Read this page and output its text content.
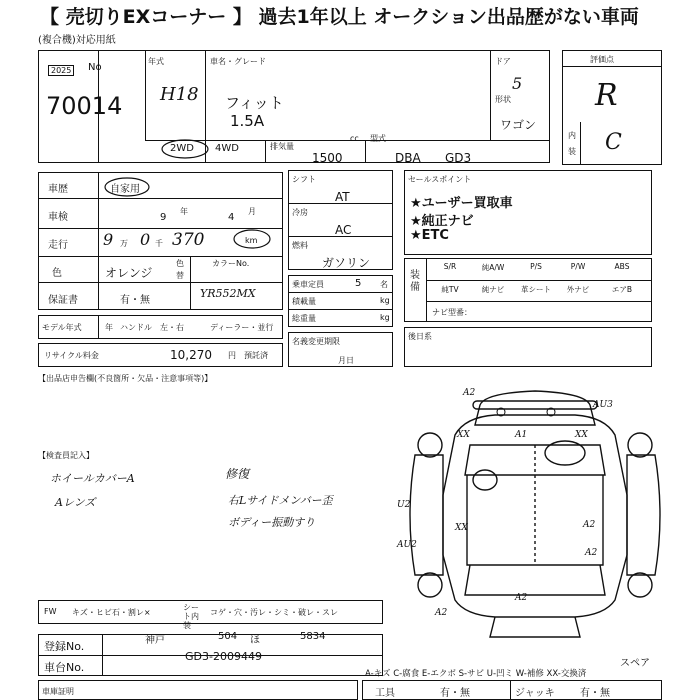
【 売切りEXコーナー 】 過去1年以上 オークション出品歴がない車両
(複合機)対応用紙
2025	No
70014
年式
H18
車名・グレード
フィット
1.5A
ドア
5
形状
ワゴン
2WD 4WD	排気量
cc
1500
型式
DBA GD3
評価点
R
内
装 C
車歴	自家用
車検	9
年
4
月
走行 9 万 0 千 370	km
色	オレンジ
色
替
カラーNo.
YR552MX
保証書	有・無
モデル年式	年 ハンドル 左・右	ディーラー・並行
リサイクル料金	10,270 円 預託済
シフト
AT
冷房
AC
燃料
ガソリン
乗車定員	5 名
積載量	kg
総重量	kg
名義変更期限
月日
セールスポイント
★ユーザー買取車
★純正ナビ
★ETC
装備
S/R	純A/W	P/S	P/W	ABS
純TV	純ナビ	革シート	外ナビ	エアB
ナビ型番：
後日系
【出品店申告欄(不良箇所・欠品・注意事項等)】
【検査員記入】
ホイールカバーA
Aレンズ
修復
右Lサイドメンバー歪
ボディー振動すり
A2
AU3
XX	A1	XX
U2
XX	A2
AU2
A2
A2
A2
スペア
A-キズ C-腐食 E-エクボ S-サビ U-凹ミ W-補修 XX-交換済
FW キズ・ヒビ石・割レ×
シート内装
コゲ・穴・汚レ・シミ・破レ・スレ
登録No.	神戸	504 ほ	5834
車台No.
GD3-2009449
車庫証明	工具	有・無	ジャッキ	有・無
